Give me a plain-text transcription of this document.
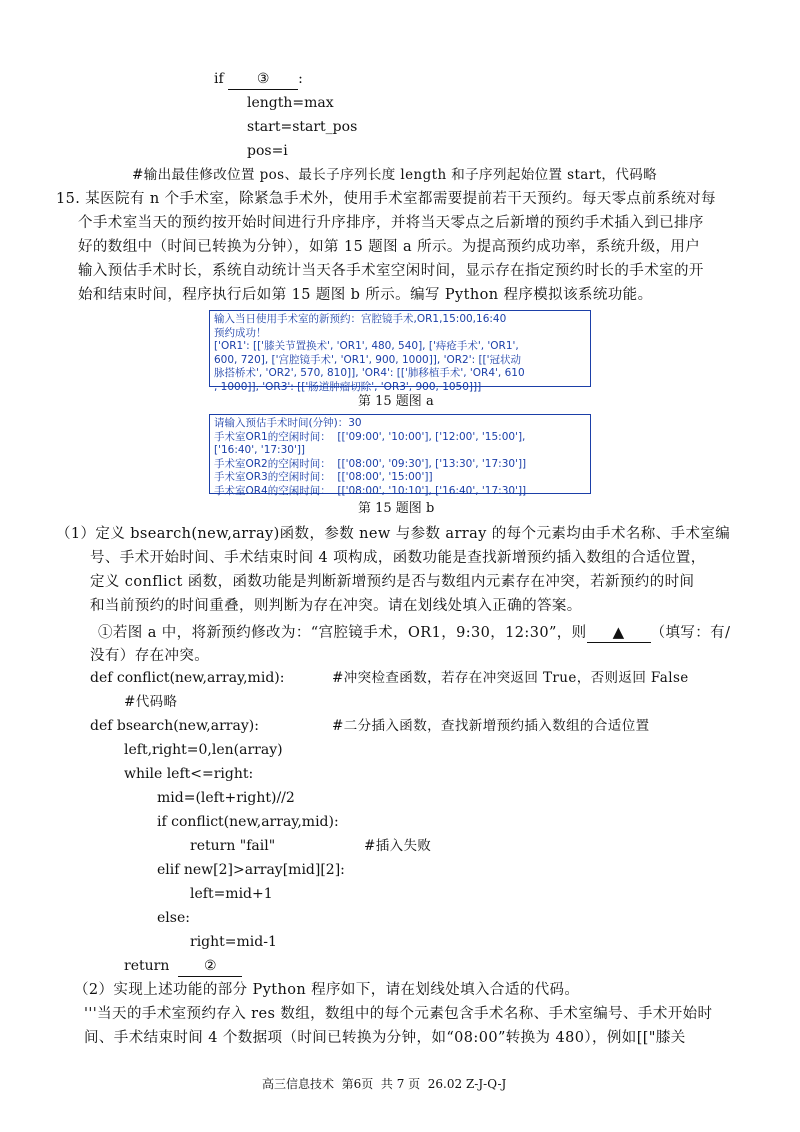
if ③ :
length=max
start=start_pos
pos=i
#输出最佳修改位置 pos、最长子序列长度 length 和子序列起始位置 start，代码略
15. 某医院有 n 个手术室，除紧急手术外，使用手术室都需要提前若干天预约。每天零点前系统对每
个手术室当天的预约按开始时间进行升序排序，并将当天零点之后新增的预约手术插入到已排序
好的数组中（时间已转换为分钟），如第 15 题图 a 所示。为提高预约成功率，系统升级，用户
输入预估手术时长，系统自动统计当天各手术室空闲时间，显示存在指定预约时长的手术室的开
始和结束时间，程序执行后如第 15 题图 b 所示。编写 Python 程序模拟该系统功能。
输入当日使用手术室的新预约：宫腔镜手术,OR1,15:00,16:40
预约成功！
['OR1': [['膝关节置换术', 'OR1', 480, 540], ['痔疮手术', 'OR1',
600, 720], ['宫腔镜手术', 'OR1', 900, 1000]], 'OR2': [['冠状动
脉搭桥术', 'OR2', 570, 810]], 'OR4': [['肺移植手术', 'OR4', 610
, 1000]], 'OR3': [['肠道肿瘤切除', 'OR3', 900, 1050]]]
第 15 题图 a
请输入预估手术时间(分钟)：30
手术室OR1的空闲时间：  [['09:00', '10:00'], ['12:00', '15:00'],
['16:40', '17:30']]
手术室OR2的空闲时间：  [['08:00', '09:30'], ['13:30', '17:30']]
手术室OR3的空闲时间：  [['08:00', '15:00']]
手术室OR4的空闲时间：  [['08:00', '10:10'], ['16:40', '17:30']]
第 15 题图 b
（1）定义 bsearch(new,array)函数，参数 new 与参数 array 的每个元素均由手术名称、手术室编
号、手术开始时间、手术结束时间 4 项构成，函数功能是查找新增预约插入数组的合适位置，
定义 conflict 函数，函数功能是判断新增预约是否与数组内元素存在冲突，若新预约的时间
和当前预约的时间重叠，则判断为存在冲突。请在划线处填入正确的答案。
①若图 a 中，将新预约修改为：“宫腔镜手术，OR1，9:30，12:30”，则 ▲ （填写：有/
没有）存在冲突。
def conflict(new,array,mid):	#冲突检查函数，若存在冲突返回 True，否则返回 False
#代码略
def bsearch(new,array):	#二分插入函数，查找新增预约插入数组的合适位置
left,right=0,len(array)
while left<=right:
mid=(left+right)//2
if conflict(new,array,mid):
return "fail"	#插入失败
elif new[2]>array[mid][2]:
left=mid+1
else:
right=mid-1
return ②
（2）实现上述功能的部分 Python 程序如下，请在划线处填入合适的代码。
'''当天的手术室预约存入 res 数组，数组中的每个元素包含手术名称、手术室编号、手术开始时
间、手术结束时间 4 个数据项（时间已转换为分钟，如“08:00”转换为 480），例如[["膝关
高三信息技术  第6页  共 7 页  26.02 Z-J-Q-J
